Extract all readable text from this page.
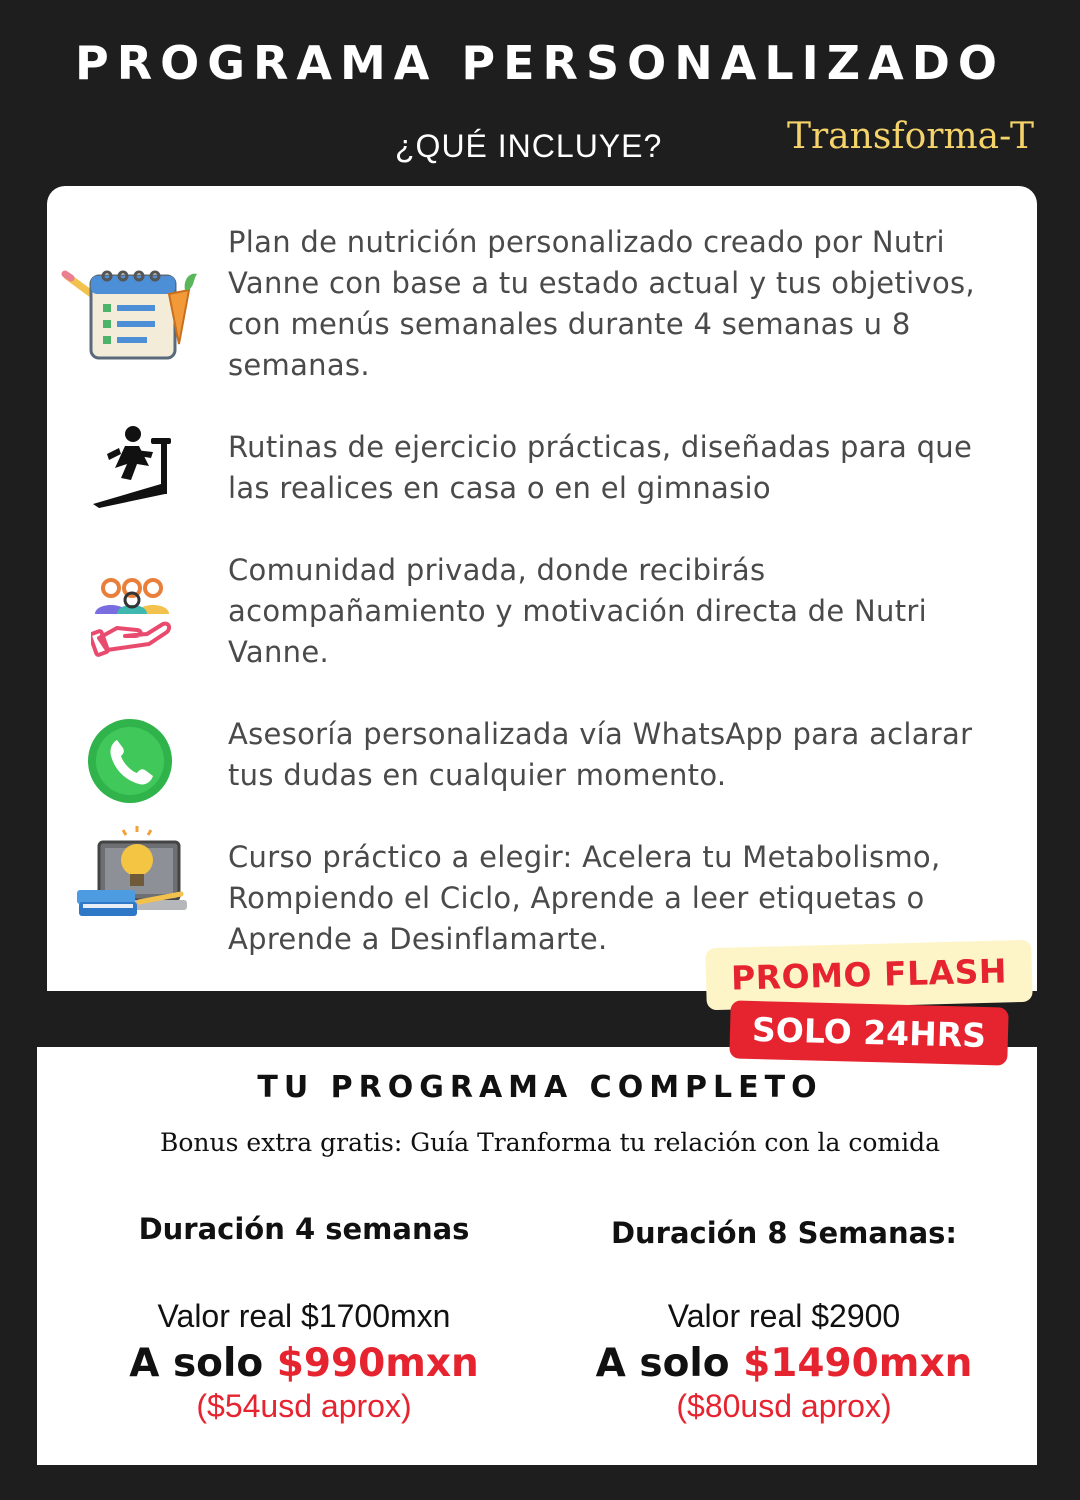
PROGRAMA PERSONALIZADO
¿QUÉ INCLUYE?	Transforma-T
Plan de nutrición personalizado creado por Nutri Vanne con base a tu estado actual y tus objetivos, con menús semanales durante 4 semanas u 8 semanas.
Rutinas de ejercicio prácticas, diseñadas para que las realices en casa o en el gimnasio
Comunidad privada, donde recibirás acompañamiento y motivación directa de Nutri Vanne.
Asesoría personalizada vía WhatsApp para aclarar tus dudas en cualquier momento.
Curso práctico a elegir: Acelera tu Metabolismo, Rompiendo el Ciclo, Aprende a leer etiquetas o Aprende a Desinflamarte.
PROMO FLASH
SOLO 24HRS
TU PROGRAMA COMPLETO
Bonus extra gratis: Guía Tranforma tu relación con la comida
Duración 4 semanas
Valor real $1700mxn
A solo $990mxn
($54usd aprox)
Duración 8 Semanas:
Valor real $2900
A solo $1490mxn
($80usd aprox)
